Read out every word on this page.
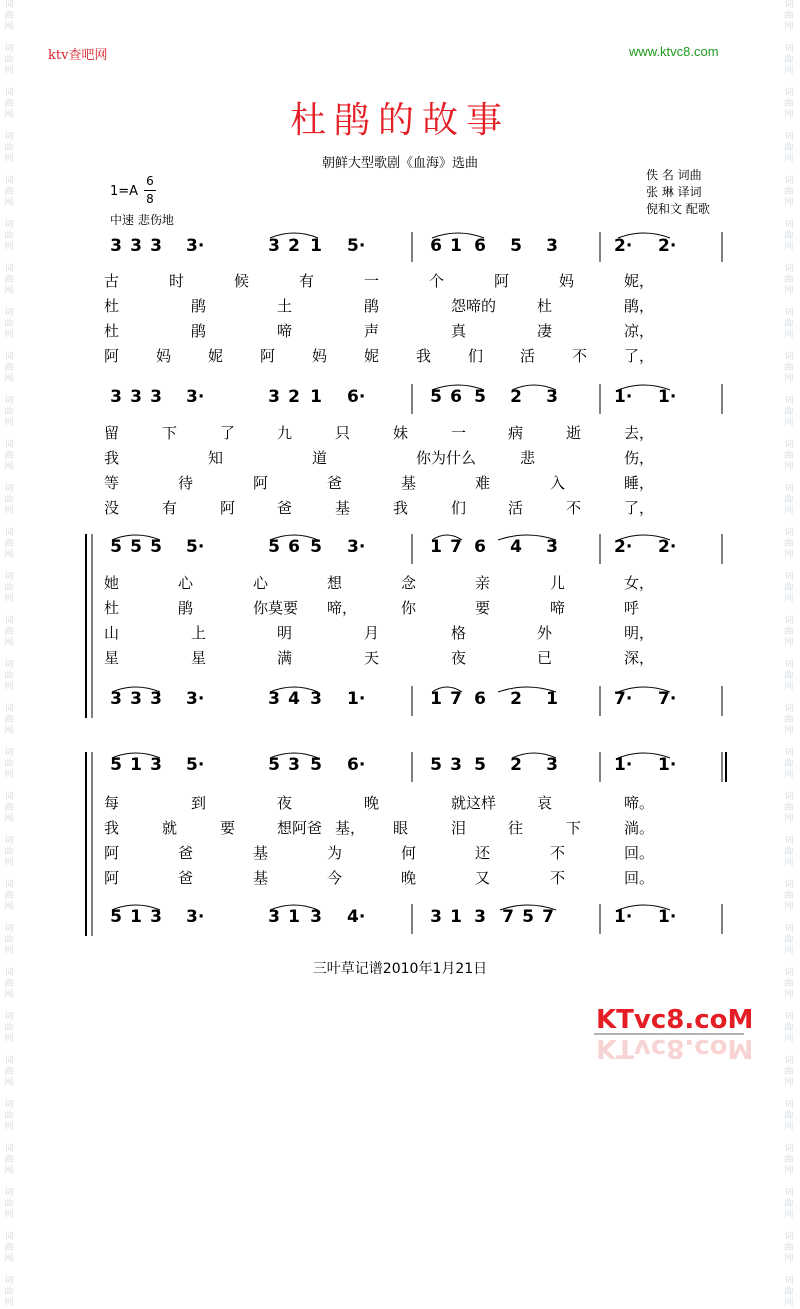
词
曲
网

词
曲
网

词
曲
网

词
曲
网

词
曲
网

词
曲
网

词
曲
网

词
曲
网

词
曲
网

词
曲
网

词
曲
网

词
曲
网

词
曲
网

词
曲
网

词
曲
网

词
曲
网

词
曲
网

词
曲
网

词
曲
网

词
曲
网

词
曲
网

词
曲
网

词
曲
网

词
曲
网

词
曲
网

词
曲
网

词
曲
网

词
曲
网

词
曲
网

词
曲
网

词
曲
网

词
曲
网

词
曲
网

词
曲
网

词
曲
网

词
曲
网

词
曲
网

词
曲
网

词
曲
网

词
曲
网

词
曲
网

词
曲
网

词
曲
网

词
曲
网

词
曲
网

词
曲
网

词
曲
网

词
曲
网

词
曲
网

词
曲
网

词
曲
网

词
曲
网

词
曲
网

词
曲
网

词
曲
网

词
曲
网

词
曲
网

词
曲
网

词
曲
网

词
曲
网

ktv查吧网	www.ktvc8.com
杜鹃的故事
朝鲜大型歌剧《血海》选曲
佚 名 词曲
张 琳 译词
倪和文 配歌
1=A
6
8
中速 悲伤地
3 3 3 3·	3 2 1 5·	6 1 6 5 3	2· 2·
古	时	候	有	一	个	阿	妈	妮，
杜	鹃	土	鹃	怨啼的	杜	鹃，
杜	鹃	啼	声	真	凄	凉，
阿 妈 妮 阿 妈 妮 我 们 活 不 了，
3 3 3 3·	3 2 1 6·	5 6 5 2 3	1· 1·
留	下	了	九	只	妹	一	病	逝	去，
我	知	道	你为什么	悲	伤，
等	待	阿	爸	基	难	入	睡，
没	有	阿	爸	基	我	们	活	不	了，
5 5 5 5·	5 6 5 3·	1 7 6 4 3	2· 2·
她	心	心	想	念	亲	儿	女，
杜	鹃	你莫要 啼，	你	要	啼	呼
山	上	明	月	格	外	明，
星	星	满	天	夜	已	深，
3 3 3 3·	3 4 3 1·	1 7 6 2 1	7· 7·
5 1 3 5·	5 3 5 6·	5 3 5 2 3	1· 1·
每	到	夜	晚	就这样	哀	啼。
我	就	要	想阿爸 基， 眼	泪	往	下	淌。
阿	爸	基	为	何	还	不	回。
阿	爸	基	今	晚	又	不	回。
5 1 3 3·	3 1 3 4·	3 1 3 7 5 7	1· 1·
三叶草记谱2010年1月21日
KTvc8.coM
KTvc8.coM
